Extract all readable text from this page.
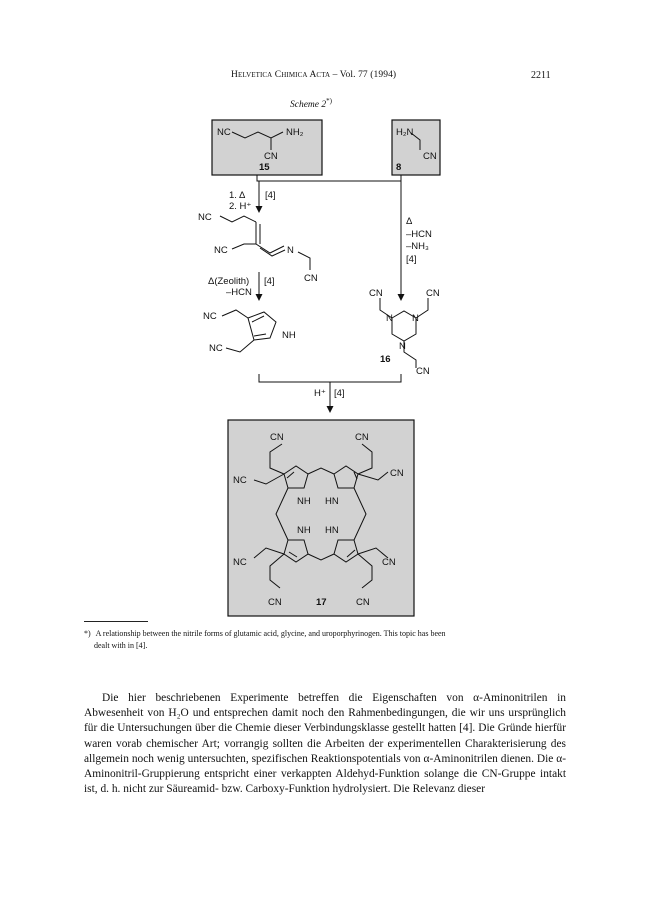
Helvetica Chimica Acta – Vol. 77 (1994)	2211
Scheme 2*)
NC	NH₂
CN
15
H₂N
CN
8
1. Δ
2. H⁺
[4]
NC
NC	N
CN
Δ(Zeolith)
–HCN
[4]
Δ
–HCN
–NH₃
[4]
NC
NC
NH
CN	CN
N N
N
16
CN
H⁺ [4]
CN	CN
NC
CN
NH HN
NH HN
NC	CN
CN	17	CN
*) A relationship between the nitrile forms of glutamic acid, glycine, and uroporphyrinogen. This topic has been
dealt with in [4].

Die hier beschriebenen Experimente betreffen die Eigenschaften von α-Aminonitrilen in Abwesenheit von H₂O und entsprechen damit noch den Rahmenbedingungen, die wir uns ursprünglich für die Untersuchungen über die Chemie dieser Verbindungsklasse gestellt hatten [4]. Die Gründe hierfür waren vorab chemischer Art; vorrangig sollten die Arbeiten der experimentellen Charakterisierung des allgemein noch wenig untersuchten, spezifischen Reaktionspotentials von α-Aminonitrilen dienen. Die α-Aminonitril-Gruppierung entspricht einer verkappten Aldehyd-Funktion solange die CN-Gruppe intakt ist, d. h. nicht zur Säureamid- bzw. Carboxy-Funktion hydrolysiert. Die Relevanz dieser
